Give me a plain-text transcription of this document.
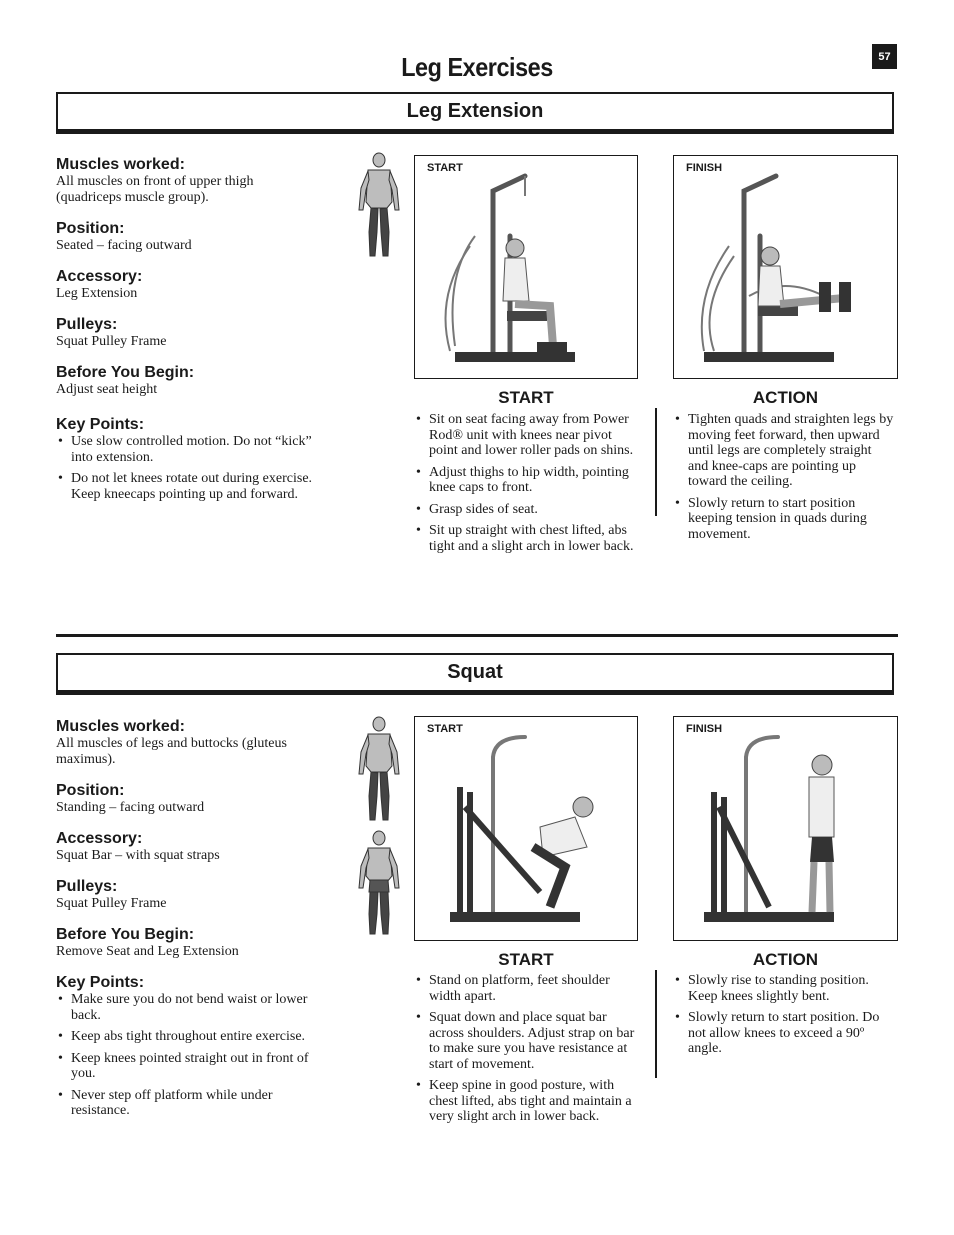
57
Leg Exercises
Leg Extension

Muscles worked:

All muscles on front of upper thigh (quadriceps muscle group).

Position:

Seated – facing outward

Accessory:

Leg Extension

Pulleys:

Squat Pulley Frame

Before You Begin:

Adjust seat height

Key Points:

• Use slow controlled motion. Do not “kick” into extension.
• Do not let knees rotate out during exercise. Keep kneecaps pointing up and forward.
START	FINISH
START
• Sit on seat facing away from Power Rod® unit with knees near pivot point and lower roller pads on shins.
• Adjust thighs to hip width, pointing knee caps to front.
• Grasp sides of seat.
• Sit up straight with chest lifted, abs tight and a slight arch in lower back.
ACTION
• Tighten quads and straighten legs by moving feet forward, then upward until legs are completely straight and knee-caps are pointing up toward the ceiling.
• Slowly return to start position keeping tension in quads during movement.
Squat

Muscles worked:

All muscles of legs and buttocks (gluteus maximus).

Position:

Standing – facing outward

Accessory:

Squat Bar – with squat straps

Pulleys:

Squat Pulley Frame

Before You Begin:

Remove Seat and Leg Extension

Key Points:

• Make sure you do not bend waist or lower back.
• Keep abs tight throughout entire exercise.
• Keep knees pointed straight out in front of you.
• Never step off platform while under resistance.
START	FINISH
START
• Stand on platform, feet shoulder width apart.
• Squat down and place squat bar across shoulders. Adjust strap on bar to make sure you have resistance at start of movement.
• Keep spine in good posture, with chest lifted, abs tight and maintain a very slight arch in lower back.
ACTION
• Slowly rise to standing position. Keep knees slightly bent.
• Slowly return to start position. Do not allow knees to exceed a 90º angle.
